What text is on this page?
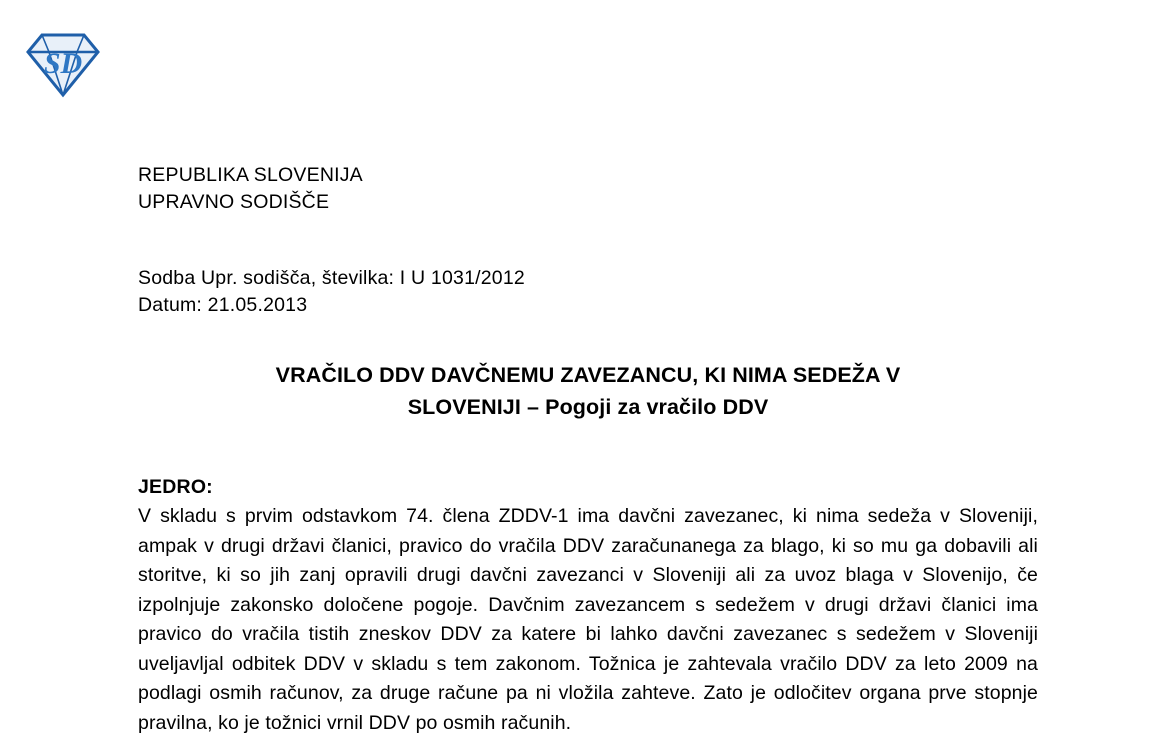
SD
REPUBLIKA SLOVENIJA
UPRAVNO SODIŠČE
Sodba Upr. sodišča, številka: I U 1031/2012
Datum: 21.05.2013
VRAČILO DDV DAVČNEMU ZAVEZANCU, KI NIMA SEDEŽA V
SLOVENIJI – Pogoji za vračilo DDV
JEDRO:
V skladu s prvim odstavkom 74. člena ZDDV-1 ima davčni zavezanec, ki nima sedeža v Sloveniji, ampak v drugi državi članici, pravico do vračila DDV zaračunanega za blago, ki so mu ga dobavili ali storitve, ki so jih zanj opravili drugi davčni zavezanci v Sloveniji ali za uvoz blaga v Slovenijo, če izpolnjuje zakonsko določene pogoje. Davčnim zavezancem s sedežem v drugi državi članici ima pravico do vračila tistih zneskov DDV za katere bi lahko davčni zavezanec s sedežem v Sloveniji uveljavljal odbitek DDV v skladu s tem zakonom. Tožnica je zahtevala vračilo DDV za leto 2009 na podlagi osmih računov, za druge račune pa ni vložila zahteve. Zato je odločitev organa prve stopnje pravilna, ko je tožnici vrnil DDV po osmih računih.
